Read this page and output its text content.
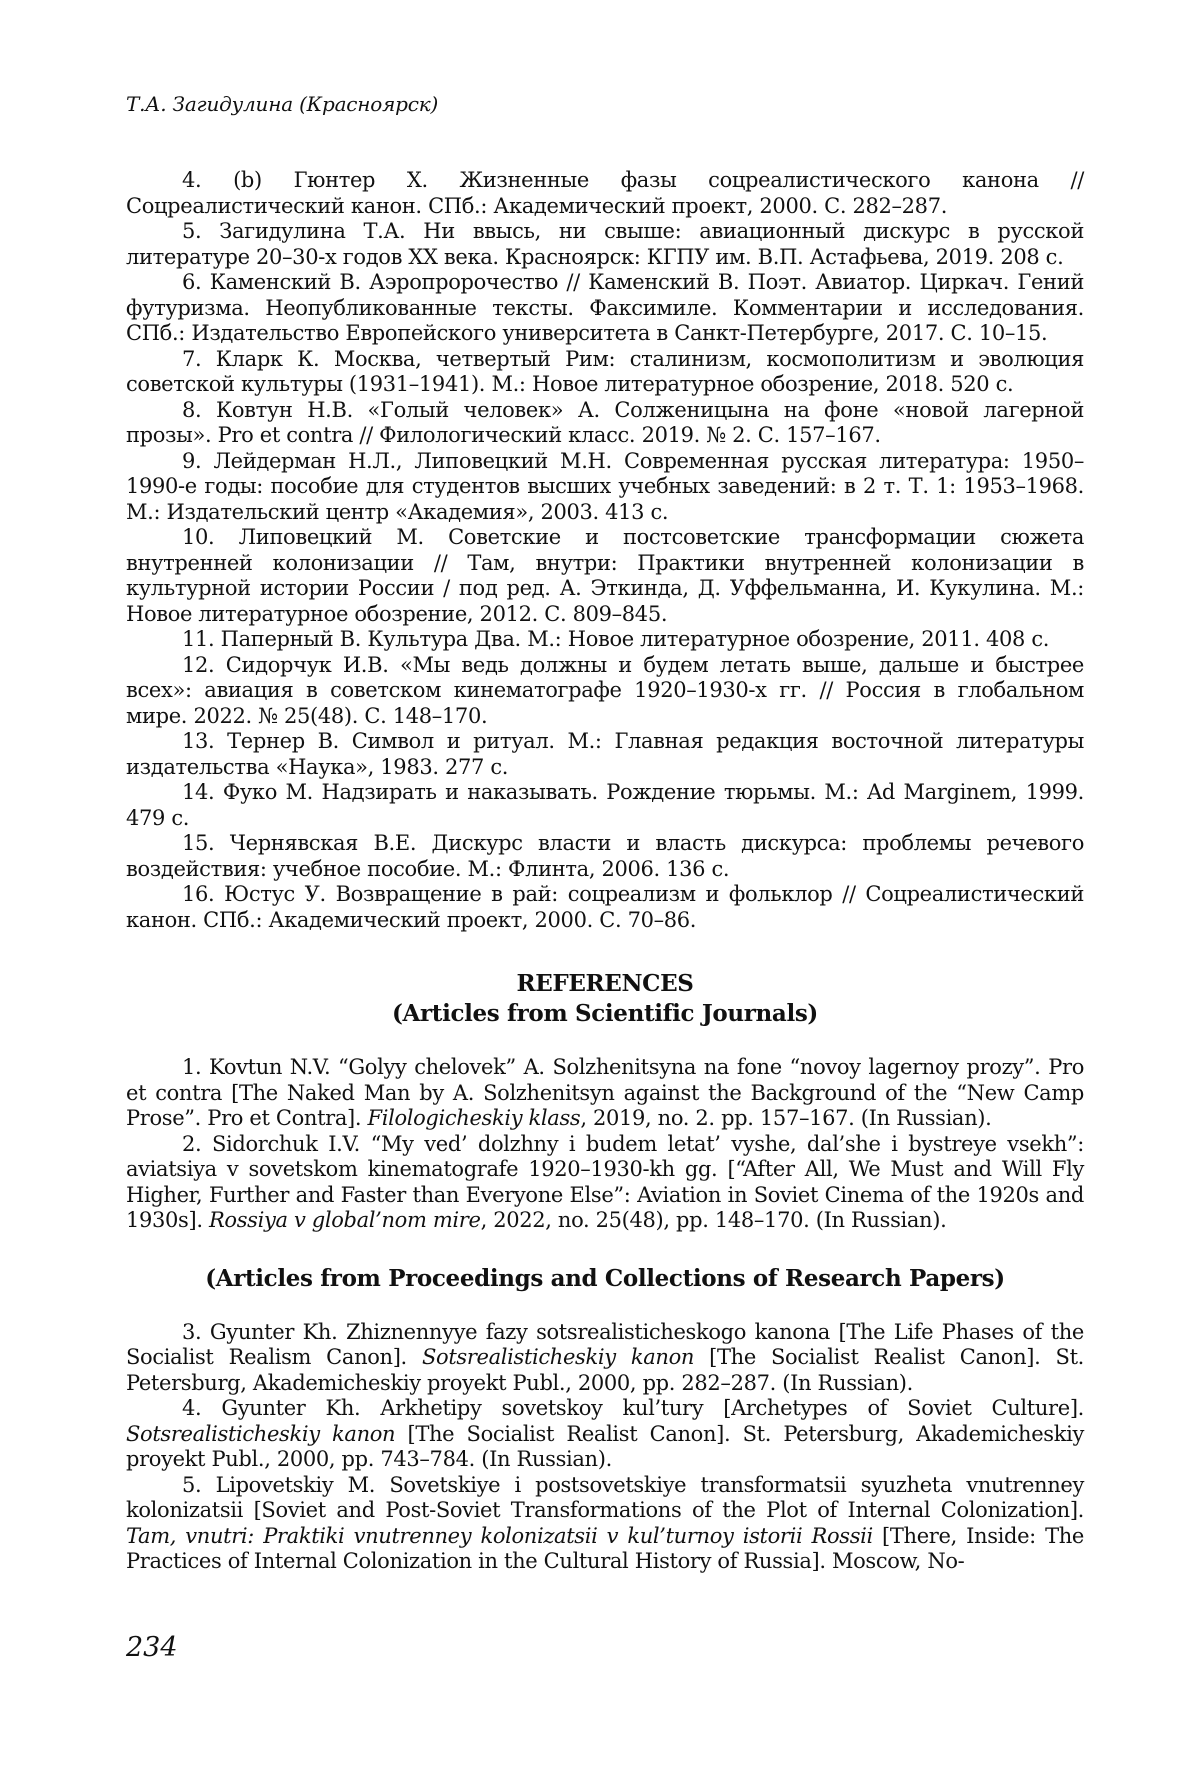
Т.А. Загидулина (Красноярск)

4. (b) Гюнтер Х. Жизненные фазы соцреалистического канона // Соцреалистический канон. СПб.: Академический проект, 2000. С. 282–287.

5. Загидулина Т.А. Ни ввысь, ни свыше: авиационный дискурс в русской литературе 20–30-х годов XX века. Красноярск: КГПУ им. В.П. Астафьева, 2019. 208 с.

6. Каменский В. Аэропророчество // Каменский В. Поэт. Авиатор. Циркач. Гений футуризма. Неопубликованные тексты. Факсимиле. Комментарии и исследования. СПб.: Издательство Европейского университета в Санкт-Петербурге, 2017. С. 10–15.

7. Кларк К. Москва, четвертый Рим: сталинизм, космополитизм и эволюция советской культуры (1931–1941). М.: Новое литературное обозрение, 2018. 520 с.

8. Ковтун Н.В. «Голый человек» А. Солженицына на фоне «новой лагерной прозы». Pro et contra // Филологический класс. 2019. № 2. С. 157–167.

9. Лейдерман Н.Л., Липовецкий М.Н. Современная русская литература: 1950–1990-е годы: пособие для студентов высших учебных заведений: в 2 т. Т. 1: 1953–1968. М.: Издательский центр «Академия», 2003. 413 с.

10. Липовецкий М. Советские и постсоветские трансформации сюжета внутренней колонизации // Там, внутри: Практики внутренней колонизации в культурной истории России / под ред. А. Эткинда, Д. Уффельманна, И. Кукулина. М.: Новое литературное обозрение, 2012. С. 809–845.

11. Паперный В. Культура Два. М.: Новое литературное обозрение, 2011. 408 с.

12. Сидорчук И.В. «Мы ведь должны и будем летать выше, дальше и быстрее всех»: авиация в советском кинематографе 1920–1930-х гг. // Россия в глобальном мире. 2022. № 25(48). С. 148–170.

13. Тернер В. Символ и ритуал. М.: Главная редакция восточной литературы издательства «Наука», 1983. 277 с.

14. Фуко М. Надзирать и наказывать. Рождение тюрьмы. М.: Ad Marginem, 1999. 479 с.

15. Чернявская В.Е. Дискурс власти и власть дискурса: проблемы речевого воздействия: учебное пособие. М.: Флинта, 2006. 136 с.

16. Юстус У. Возвращение в рай: соцреализм и фольклор // Соцреалистический канон. СПб.: Академический проект, 2000. С. 70–86.

REFERENCES
(Articles from Scientific Journals)

1. Kovtun N.V. “Golyy chelovek” A. Solzhenitsyna na fone “novoy lagernoy prozy”. Pro et contra [The Naked Man by A. Solzhenitsyn against the Background of the “New Camp Prose”. Pro et Contra]. Filologicheskiy klass, 2019, no. 2. pp. 157–167. (In Russian).

2. Sidorchuk I.V. “My ved’ dolzhny i budem letat’ vyshe, dal’she i bystreye vsekh”: aviatsiya v sovetskom kinematografe 1920–1930-kh gg. [“After All, We Must and Will Fly Higher, Further and Faster than Everyone Else”: Aviation in Soviet Cinema of the 1920s and 1930s]. Rossiya v global’nom mire, 2022, no. 25(48), pp. 148–170. (In Russian).

(Articles from Proceedings and Collections of Research Papers)

3. Gyunter Kh. Zhiznennyye fazy sotsrealisticheskogo kanona [The Life Phases of the Socialist Realism Canon]. Sotsrealisticheskiy kanon [The Socialist Realist Canon]. St. Petersburg, Akademicheskiy proyekt Publ., 2000, pp. 282–287. (In Russian).

4. Gyunter Kh. Arkhetipy sovetskoy kul’tury [Archetypes of Soviet Culture]. Sotsrealisticheskiy kanon [The Socialist Realist Canon]. St. Petersburg, Akademicheskiy proyekt Publ., 2000, pp. 743–784. (In Russian).

5. Lipovetskiy M. Sovetskiye i postsovetskiye transformatsii syuzheta vnutrenney kolonizatsii [Soviet and Post-Soviet Transformations of the Plot of Internal Colonization]. Tam, vnutri: Praktiki vnutrenney kolonizatsii v kul’turnoy istorii Rossii [There, Inside: The Practices of Internal Colonization in the Cultural History of Russia]. Moscow, No-

234
